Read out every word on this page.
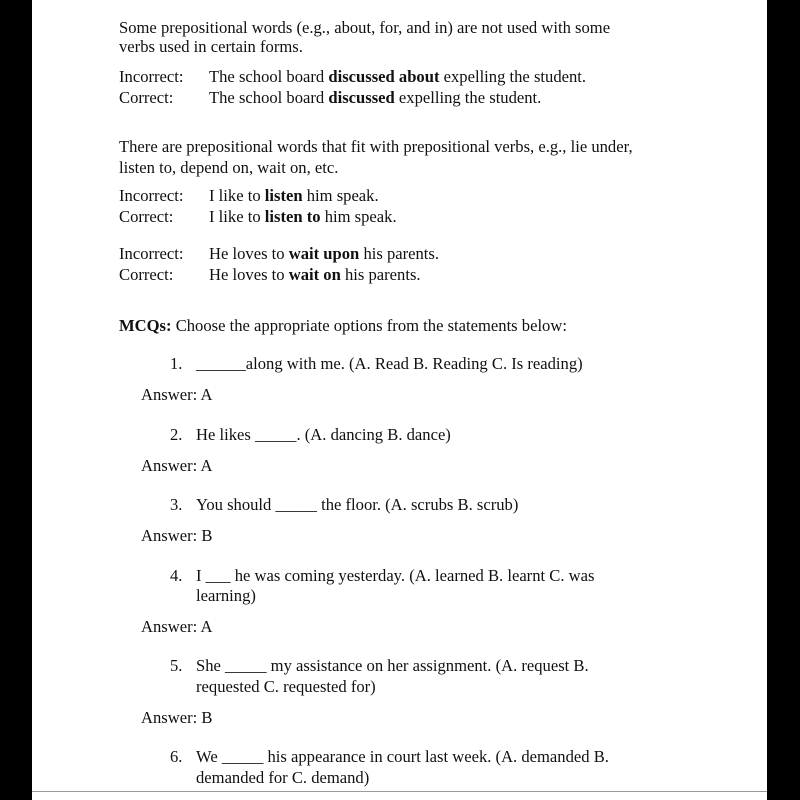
Some prepositional words (e.g., about, for, and in) are not used with some
verbs used in certain forms.
Incorrect: The school board discussed about expelling the student.
Correct: The school board discussed expelling the student.
There are prepositional words that fit with prepositional verbs, e.g., lie under,
listen to, depend on, wait on, etc.
Incorrect: I like to listen him speak.
Correct: I like to listen to him speak.
Incorrect: He loves to wait upon his parents.
Correct: He loves to wait on his parents.
MCQs: Choose the appropriate options from the statements below:
1. ______along with me. (A. Read B. Reading C. Is reading)
Answer: A
2. He likes _____. (A. dancing B. dance)
Answer: A
3. You should _____ the floor. (A. scrubs B. scrub)
Answer: B
4. I ___ he was coming yesterday. (A. learned B. learnt C. was
learning)
Answer: A
5. She _____ my assistance on her assignment. (A. request B.
requested C. requested for)
Answer: B
6. We _____ his appearance in court last week. (A. demanded B.
demanded for C. demand)
